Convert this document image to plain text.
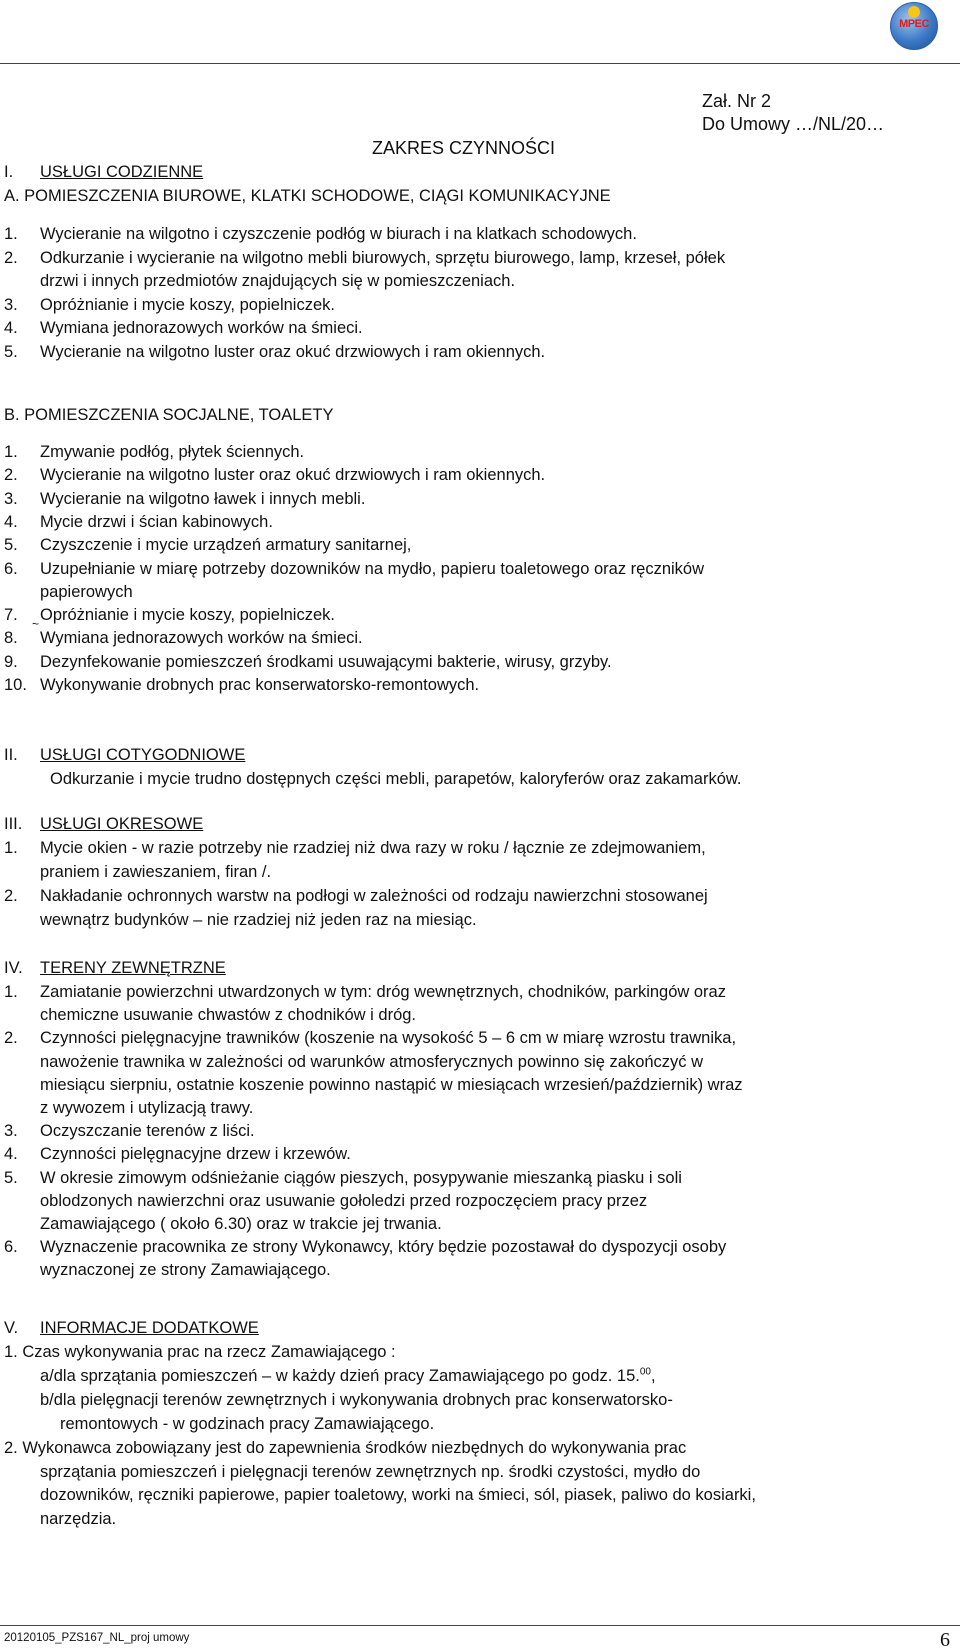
MPEC
Zał. Nr 2
Do Umowy …/NL/20…
ZAKRES CZYNNOŚCI
I. USŁUGI CODZIENNE
A. POMIESZCZENIA BIUROWE, KLATKI SCHODOWE, CIĄGI KOMUNIKACYJNE
1. Wycieranie na wilgotno i czyszczenie podłóg w biurach i na klatkach schodowych.
2. Odkurzanie i wycieranie na wilgotno mebli biurowych, sprzętu biurowego, lamp, krzeseł, półek
drzwi i innych przedmiotów znajdujących się w pomieszczeniach.
3. Opróżnianie i mycie koszy, popielniczek.
4. Wymiana jednorazowych worków na śmieci.
5. Wycieranie na wilgotno luster oraz okuć drzwiowych i ram okiennych.
B. POMIESZCZENIA SOCJALNE, TOALETY
1. Zmywanie podłóg, płytek ściennych.
2. Wycieranie na wilgotno luster oraz okuć drzwiowych i ram okiennych.
3. Wycieranie na wilgotno ławek i innych mebli.
4. Mycie drzwi i ścian kabinowych.
5. Czyszczenie i mycie urządzeń armatury sanitarnej,
6. Uzupełnianie w miarę potrzeby dozowników na mydło, papieru toaletowego oraz ręczników
papierowych
7. Opróżnianie i mycie koszy, popielniczek.
8. Wymiana jednorazowych worków na śmieci.
9. Dezynfekowanie pomieszczeń środkami usuwającymi bakterie, wirusy, grzyby.
10. Wykonywanie drobnych prac konserwatorsko-remontowych.
~
II. USŁUGI COTYGODNIOWE
Odkurzanie i mycie trudno dostępnych części mebli, parapetów, kaloryferów oraz zakamarków.
III. USŁUGI OKRESOWE
1. Mycie okien - w razie potrzeby nie rzadziej niż dwa razy w roku / łącznie ze zdejmowaniem,
praniem i zawieszaniem, firan /.
2. Nakładanie ochronnych warstw na podłogi w zależności od rodzaju nawierzchni stosowanej
wewnątrz budynków – nie rzadziej niż jeden raz na miesiąc.
IV. TERENY ZEWNĘTRZNE
1. Zamiatanie powierzchni utwardzonych w tym: dróg wewnętrznych, chodników, parkingów oraz
chemiczne usuwanie chwastów z chodników i dróg.
2. Czynności pielęgnacyjne trawników (koszenie na wysokość 5 – 6 cm w miarę wzrostu trawnika,
nawożenie trawnika w zależności od warunków atmosferycznych powinno się zakończyć w
miesiącu sierpniu, ostatnie koszenie powinno nastąpić w miesiącach wrzesień/październik) wraz
z wywozem i utylizacją trawy.
3. Oczyszczanie terenów z liści.
4. Czynności pielęgnacyjne drzew i krzewów.
5. W okresie zimowym odśnieżanie ciągów pieszych, posypywanie mieszanką piasku i soli
oblodzonych nawierzchni oraz usuwanie gołoledzi przed rozpoczęciem pracy przez
Zamawiającego ( około 6.30) oraz w trakcie jej trwania.
6. Wyznaczenie pracownika ze strony Wykonawcy, który będzie pozostawał do dyspozycji osoby
wyznaczonej ze strony Zamawiającego.
V. INFORMACJE DODATKOWE
1. Czas wykonywania prac na rzecz Zamawiającego :
a/dla sprzątania pomieszczeń – w każdy dzień pracy Zamawiającego po godz. 15.00,
b/dla pielęgnacji terenów zewnętrznych i wykonywania drobnych prac konserwatorsko-
remontowych - w godzinach pracy Zamawiającego.
2. Wykonawca zobowiązany jest do zapewnienia środków niezbędnych do wykonywania prac
sprzątania pomieszczeń i pielęgnacji terenów zewnętrznych np. środki czystości, mydło do
dozowników, ręczniki papierowe, papier toaletowy, worki na śmieci, sól, piasek, paliwo do kosiarki,
narzędzia.
20120105_PZS167_NL_proj umowy	6
